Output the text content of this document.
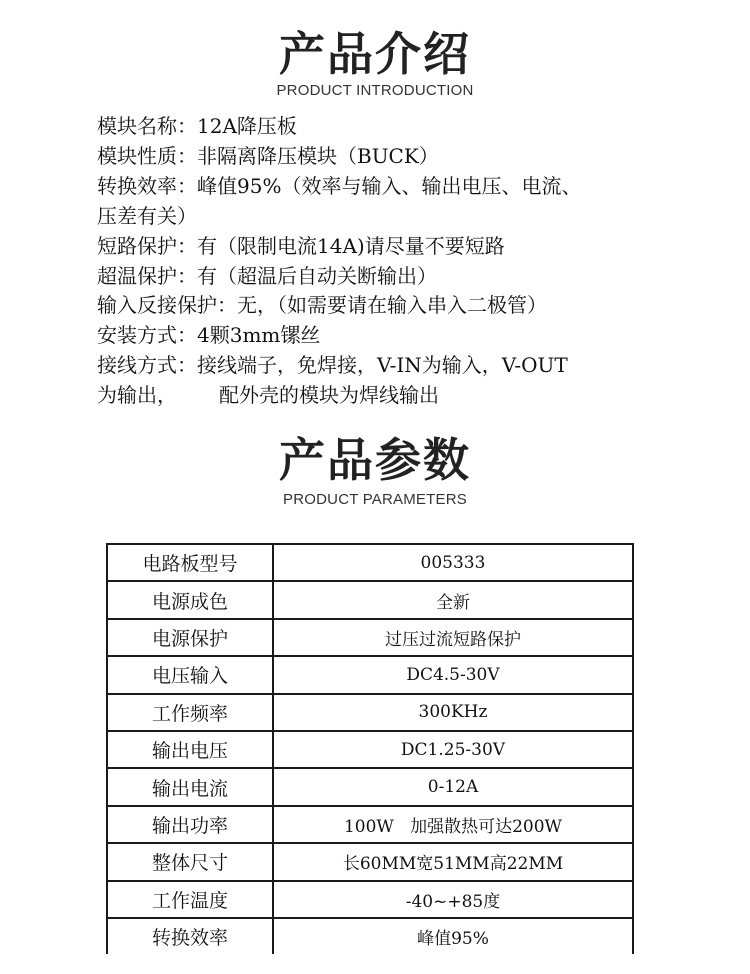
产品介绍
PRODUCT INTRODUCTION
模块名称：12A降压板
模块性质：非隔离降压模块（BUCK）
转换效率：峰值95%（效率与输入、输出电压、电流、
压差有关）
短路保护：有（限制电流14A)请尽量不要短路
超温保护：有（超温后自动关断输出）
输入反接保护：无，（如需要请在输入串入二极管）
安装方式：4颗3mm镙丝
接线方式：接线端子，免焊接，V-IN为输入，V-OUT
为输出， 配外壳的模块为焊线输出
产品参数
PRODUCT PARAMETERS
电路板型号	005333
电源成色	全新
电源保护	过压过流短路保护
电压输入	DC4.5-30V
工作频率	300KHz
输出电压	DC1.25-30V
输出电流	0-12A
输出功率	100W   加强散热可达200W
整体尺寸	长60MM宽51MM高22MM
工作温度	-40~+85度
转换效率	峰值95%
